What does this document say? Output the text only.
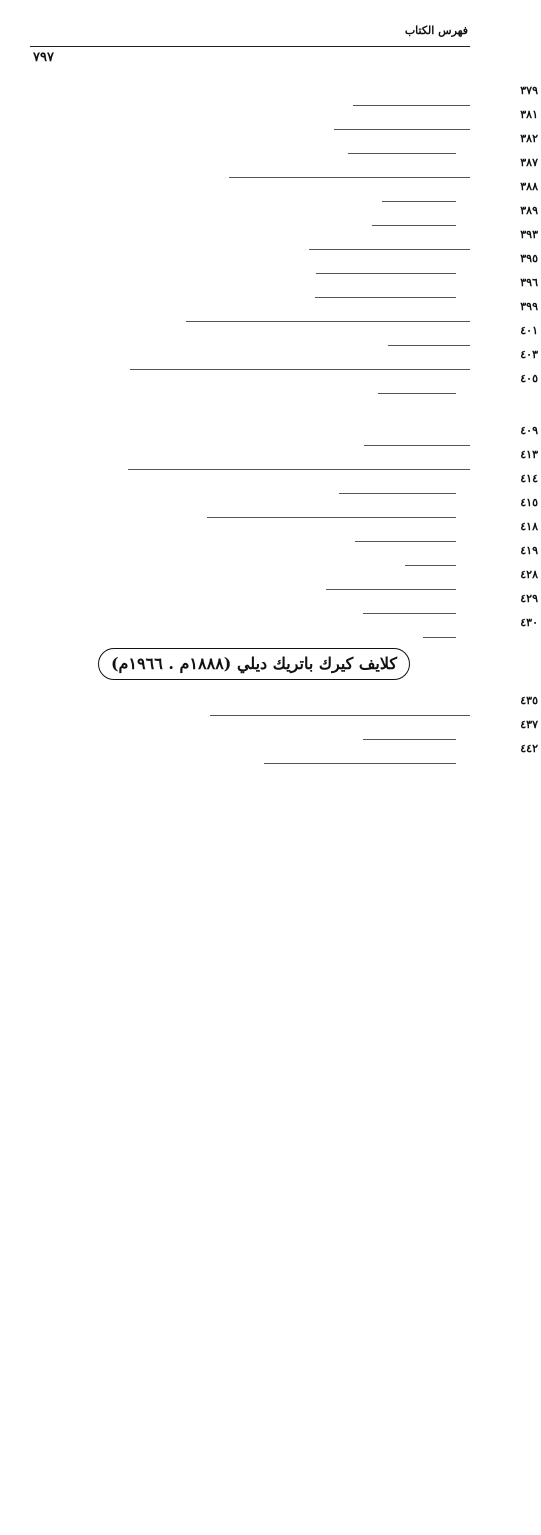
فهرس الكتاب
٧٩٧
٣٧٩
٣٨١
٣٨٢
٣٨٧
٣٨٨
٣٨٩
٣٩٣
٣٩٥
٣٩٦
٣٩٩
٤٠١
٤٠٣
٤٠٥
٤٠٩
٤١٣
٤١٤
٤١٥
٤١٨
٤١٩
٤٢٨
٤٢٩
٤٣٠
كلايف كيرك باتريك ديلي (١٨٨٨م . ١٩٦٦م)
٤٣٥
٤٣٧
٤٤٢
